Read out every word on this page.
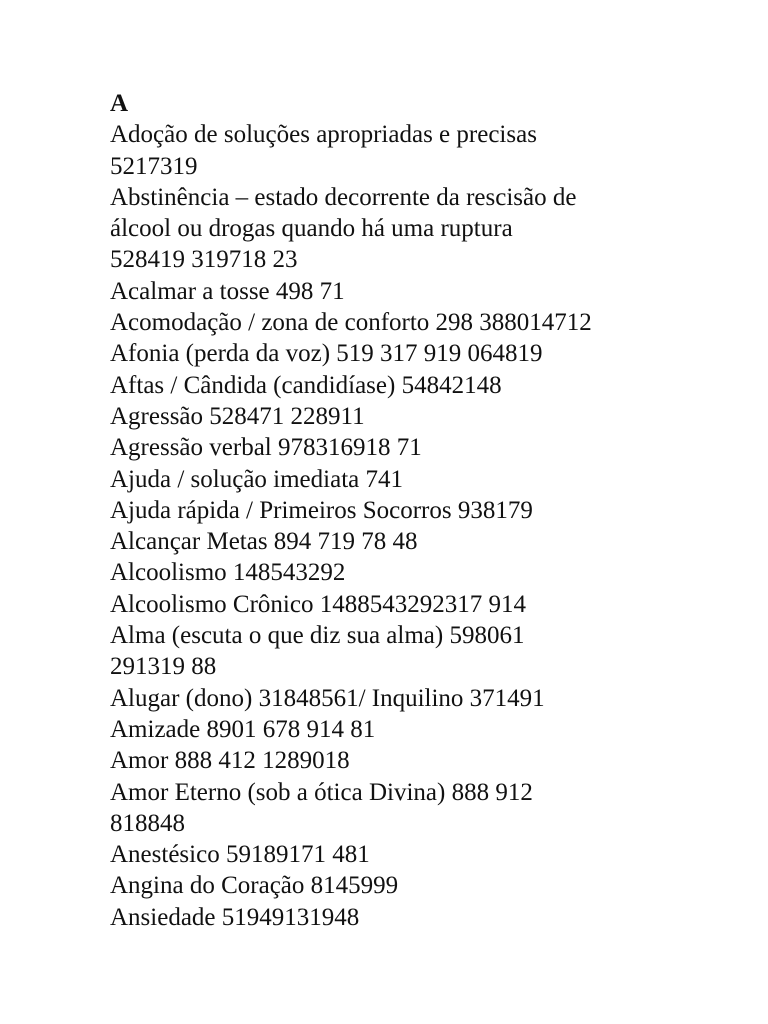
A
Adoção de soluções apropriadas e precisas
5217319
Abstinência – estado decorrente da rescisão de
álcool ou drogas quando há uma ruptura
528419 319718 23
Acalmar a tosse 498 71
Acomodação / zona de conforto 298 388014712
Afonia (perda da voz) 519 317 919 064819
Aftas / Cândida (candidíase) 54842148
Agressão 528471 228911
Agressão verbal 978316918 71
Ajuda / solução imediata 741
Ajuda rápida / Primeiros Socorros 938179
Alcançar Metas 894 719 78 48
Alcoolismo 148543292
Alcoolismo Crônico 1488543292317 914
Alma (escuta o que diz sua alma) 598061
291319 88
Alugar (dono) 31848561/ Inquilino 371491
Amizade 8901 678 914 81
Amor 888 412 1289018
Amor Eterno (sob a ótica Divina) 888 912
818848
Anestésico 59189171 481
Angina do Coração 8145999
Ansiedade 51949131948
